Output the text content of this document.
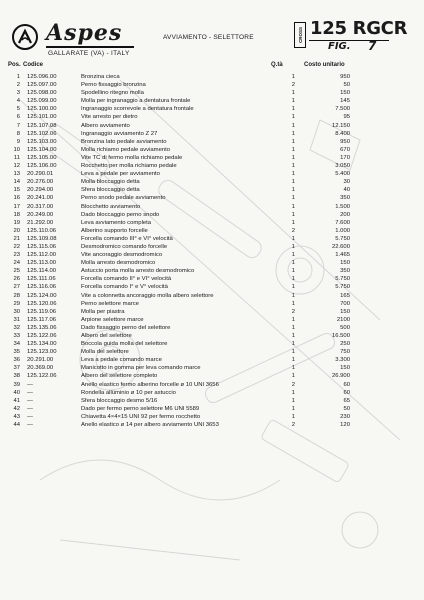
Aspes
GALLARATE (VA) - ITALY
AVVIAMENTO - SELETTORE	CROSS 125 RGCR
FIG. 7
Pos. Codice	Q.tà	Costo unitario
1 125.096.00	Bronzina cieca	1	950
2 125.097.00	Perno fissaggio bronzina	2	50
3 125.098.00	Spodellino ritegno molla	1	150
4 125.099.00	Molla per ingranaggio a dentatura frontale	1	145
5 125.100.00	Ingranaggio scorrevole a dentatura frontale	1	7.500
6 125.101.00	Vite arresto per dietro	1	95
7 125.107.08	Albero avviamento	1	12.150
8 125.102.06	Ingranaggio avviamento Z 27	1	8.400
9 125.103.00	Bronzina lato pedale avviamento	1	950
10 125.104.00	Molla richiamo pedale avviamento	1	670
11 125.105.00	Vite TC di fermo molla richiamo pedale	1	170
12 125.106.00	Rocchetto per molla richiamo pedale	1	3.050
13 20.290.01	Leva a pedale per avviamento	1	5.400
14 20.276.00	Molla bloccaggio detta	1	30
15 20.294.00	Sfera bloccaggio detta	1	40
16 20.241.00	Perno snodo pedale avviamento	1	350
17 20.317.00	Blocchetto avviamento	1	1.500
18 20.249.00	Dado bloccaggio perno snodo	1	200
19 21.292.00	Leva avviamento completa	1	7.600
20 125.110.06	Alberino supporto forcelle	2	1.000
21 125.109.08	Forcella comando III° e VI° velocità	1	5.750
22 125.115.06	Desmodromico comando forcelle	1	22.600
23 125.112.00	Vite ancoraggio desmodromico	1	1.465
24 125.113.00	Molla arresto desmodromico	1	150
25 125.114.00	Astuccio porta molla arresto desmodromico	1	350
26 125.111.06	Forcella comando II° e VI° velocità	1	5.750
27 125.116.06	Forcella comando I° e V° velocità	1	5.750
28 125.124.00	Vite a colonnetta ancoraggio molla albero selettore	1	165
29 125.120.06	Perno selettore marce	1	700
30 125.119.06	Molla per piastra	2	150
31 125.117.06	Arpione selettore marce	1	2100
32 125.135.06	Dado fissaggio perno del selettore	1	500
33 125.122.06	Albero del selettore	1	16.500
34 125.134.00	Boccola guida molla del selettore	1	250
35 125.123.00	Molla del selettore	1	750
36 20.291.00	Leva a pedale comando marce	1	3.300
37 20.369.00	Manicotto in gomma per leva comando marce	1	150
38 125.122.06	Albero del selettore completo	1	26.900
39 —	Anello elastico fermo alberino forcelle ø 10 UNI 3656	2	60
40 —	Rondella allüminio ø 10 per astuccio	1	60
41 —	Sfera bloccaggio desmo 5/16	1	65
42 —	Dado per fermo perno selettore M6 UNI 5589	1	50
43 —	Chiavetta 4×4×15 UNI 92 per fermo rocchetto	1	230
44 —	Anello elastico ø 14 per albero avviamento UNI 3653	2	120
